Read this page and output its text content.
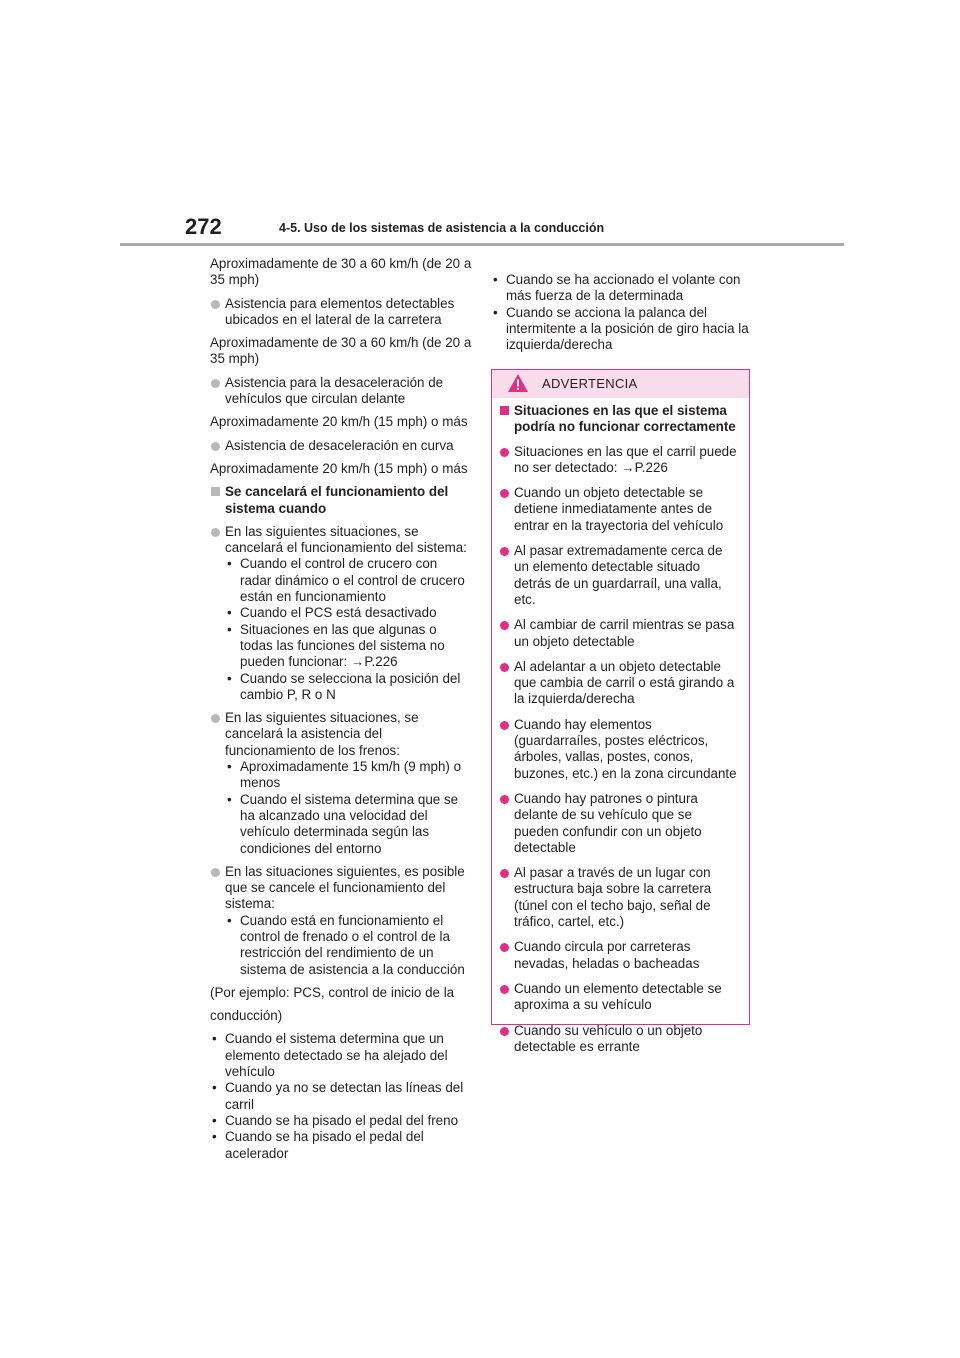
272	4-5. Uso de los sistemas de asistencia a la conducción
Aproximadamente de 30 a 60 km/h (de 20 a 35 mph)
Asistencia para elementos detectables ubicados en el lateral de la carretera
Aproximadamente de 30 a 60 km/h (de 20 a 35 mph)
Asistencia para la desaceleración de vehículos que circulan delante
Aproximadamente 20 km/h (15 mph) o más
Asistencia de desaceleración en curva
Aproximadamente 20 km/h (15 mph) o más
Se cancelará el funcionamiento del sistema cuando
En las siguientes situaciones, se cancelará el funcionamiento del sistema:
• Cuando el control de crucero con radar dinámico o el control de crucero están en funcionamiento
• Cuando el PCS está desactivado
• Situaciones en las que algunas o todas las funciones del sistema no pueden funcionar: →P.226
• Cuando se selecciona la posición del cambio P, R o N
En las siguientes situaciones, se cancelará la asistencia del funcionamiento de los frenos:
• Aproximadamente 15 km/h (9 mph) o menos
• Cuando el sistema determina que se ha alcanzado una velocidad del vehículo determinada según las condiciones del entorno
En las situaciones siguientes, es posible que se cancele el funcionamiento del sistema:
• Cuando está en funcionamiento el control de frenado o el control de la restricción del rendimiento de un sistema de asistencia a la conducción
(Por ejemplo: PCS, control de inicio de la
conducción)
• Cuando el sistema determina que un elemento detectado se ha alejado del vehículo
• Cuando ya no se detectan las líneas del carril
• Cuando se ha pisado el pedal del freno
• Cuando se ha pisado el pedal del acelerador
• Cuando se ha accionado el volante con más fuerza de la determinada
• Cuando se acciona la palanca del intermitente a la posición de giro hacia la izquierda/derecha
ADVERTENCIA
Situaciones en las que el sistema podría no funcionar correctamente
Situaciones en las que el carril puede no ser detectado: →P.226
Cuando un objeto detectable se detiene inmediatamente antes de entrar en la trayectoria del vehículo
Al pasar extremadamente cerca de un elemento detectable situado detrás de un guardarraíl, una valla, etc.
Al cambiar de carril mientras se pasa un objeto detectable
Al adelantar a un objeto detectable que cambia de carril o está girando a la izquierda/derecha
Cuando hay elementos (guardarraíles, postes eléctricos, árboles, vallas, postes, conos, buzones, etc.) en la zona circundante
Cuando hay patrones o pintura delante de su vehículo que se pueden confundir con un objeto detectable
Al pasar a través de un lugar con estructura baja sobre la carretera (túnel con el techo bajo, señal de tráfico, cartel, etc.)
Cuando circula por carreteras nevadas, heladas o bacheadas
Cuando un elemento detectable se aproxima a su vehículo
Cuando su vehículo o un objeto detectable es errante
